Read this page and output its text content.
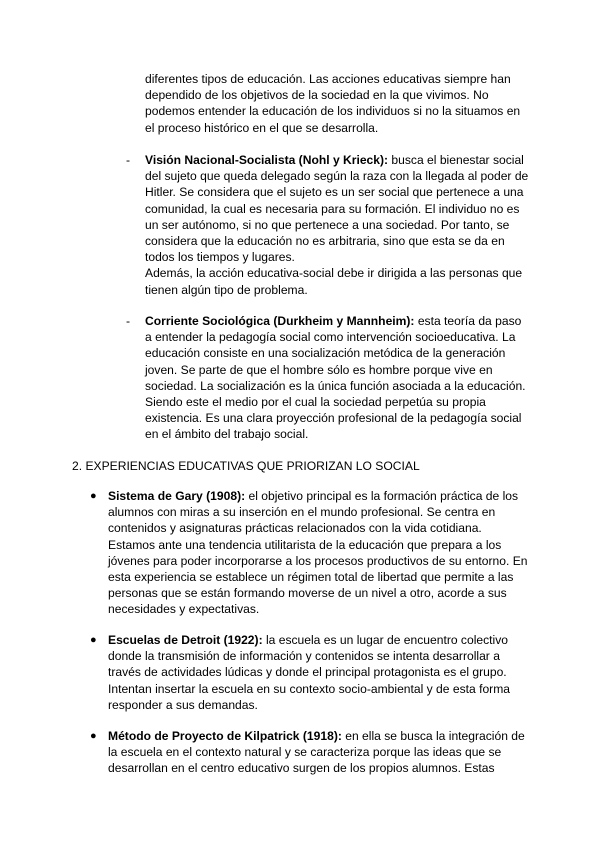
diferentes tipos de educación. Las acciones educativas siempre han dependido de los objetivos de la sociedad en la que vivimos. No podemos entender la educación de los individuos si no la situamos en el proceso histórico en el que se desarrolla.

-	Visión Nacional-Socialista (Nohl y Krieck): busca el bienestar social del sujeto que queda delegado según la raza con la llegada al poder de Hitler. Se considera que el sujeto es un ser social que pertenece a una comunidad, la cual es necesaria para su formación. El individuo no es un ser autónomo, si no que pertenece a una sociedad. Por tanto, se considera que la educación no es arbitraria, sino que esta se da en todos los tiempos y lugares.
Además, la acción educativa-social debe ir dirigida a las personas que tienen algún tipo de problema.

-	Corriente Sociológica (Durkheim y Mannheim): esta teoría da paso a entender la pedagogía social como intervención socioeducativa. La educación consiste en una socialización metódica de la generación joven. Se parte de que el hombre sólo es hombre porque vive en sociedad. La socialización es la única función asociada a la educación. Siendo este el medio por el cual la sociedad perpetúa su propia existencia. Es una clara proyección profesional de la pedagogía social en el ámbito del trabajo social.

2. EXPERIENCIAS EDUCATIVAS QUE PRIORIZAN LO SOCIAL
● Sistema de Gary (1908): el objetivo principal es la formación práctica de los alumnos con miras a su inserción en el mundo profesional. Se centra en contenidos y asignaturas prácticas relacionados con la vida cotidiana. Estamos ante una tendencia utilitarista de la educación que prepara a los jóvenes para poder incorporarse a los procesos productivos de su entorno. En esta experiencia se establece un régimen total de libertad que permite a las personas que se están formando moverse de un nivel a otro, acorde a sus necesidades y expectativas.

● Escuelas de Detroit (1922): la escuela es un lugar de encuentro colectivo donde la transmisión de información y contenidos se intenta desarrollar a través de actividades lúdicas y donde el principal protagonista es el grupo. Intentan insertar la escuela en su contexto socio-ambiental y de esta forma responder a sus demandas.

● Método de Proyecto de Kilpatrick (1918): en ella se busca la integración de la escuela en el contexto natural y se caracteriza porque las ideas que se desarrollan en el centro educativo surgen de los propios alumnos. Estas
